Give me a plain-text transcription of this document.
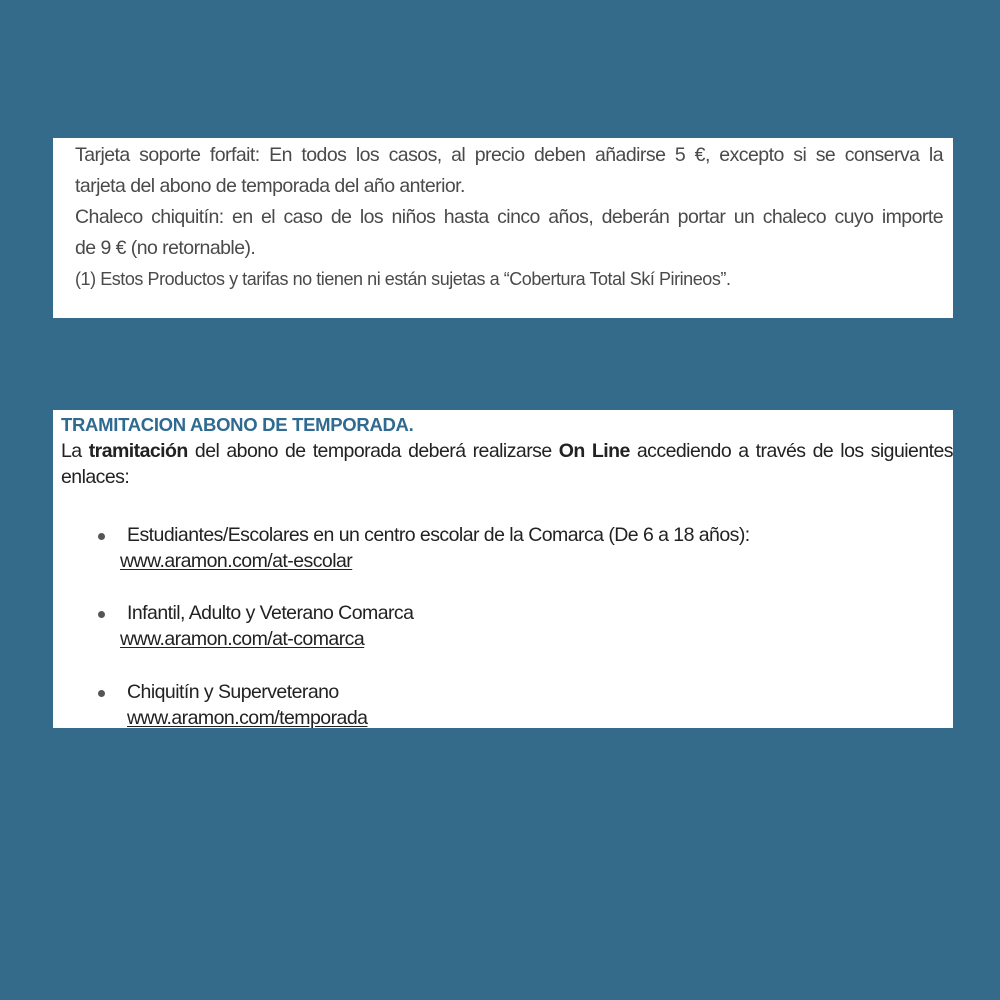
Tarjeta soporte forfait: En todos los casos, al precio deben añadirse 5 €, excepto si se conserva la

tarjeta del abono de temporada del año anterior.

Chaleco chiquitín: en el caso de los niños hasta cinco años, deberán portar un chaleco cuyo importe

de 9 € (no retornable).

(1) Estos Productos y tarifas no tienen ni están sujetas a “Cobertura Total Skí Pirineos”.

TRAMITACION ABONO DE TEMPORADA.

La tramitación del abono de temporada deberá realizarse On Line accediendo a través de los siguientes
enlaces:

Estudiantes/Escolares en un centro escolar de la Comarca (De 6 a 18 años):
www.aramon.com/at-escolar
Infantil, Adulto y Veterano Comarca
www.aramon.com/at-comarca
Chiquitín y Superveterano
www.aramon.com/temporada
